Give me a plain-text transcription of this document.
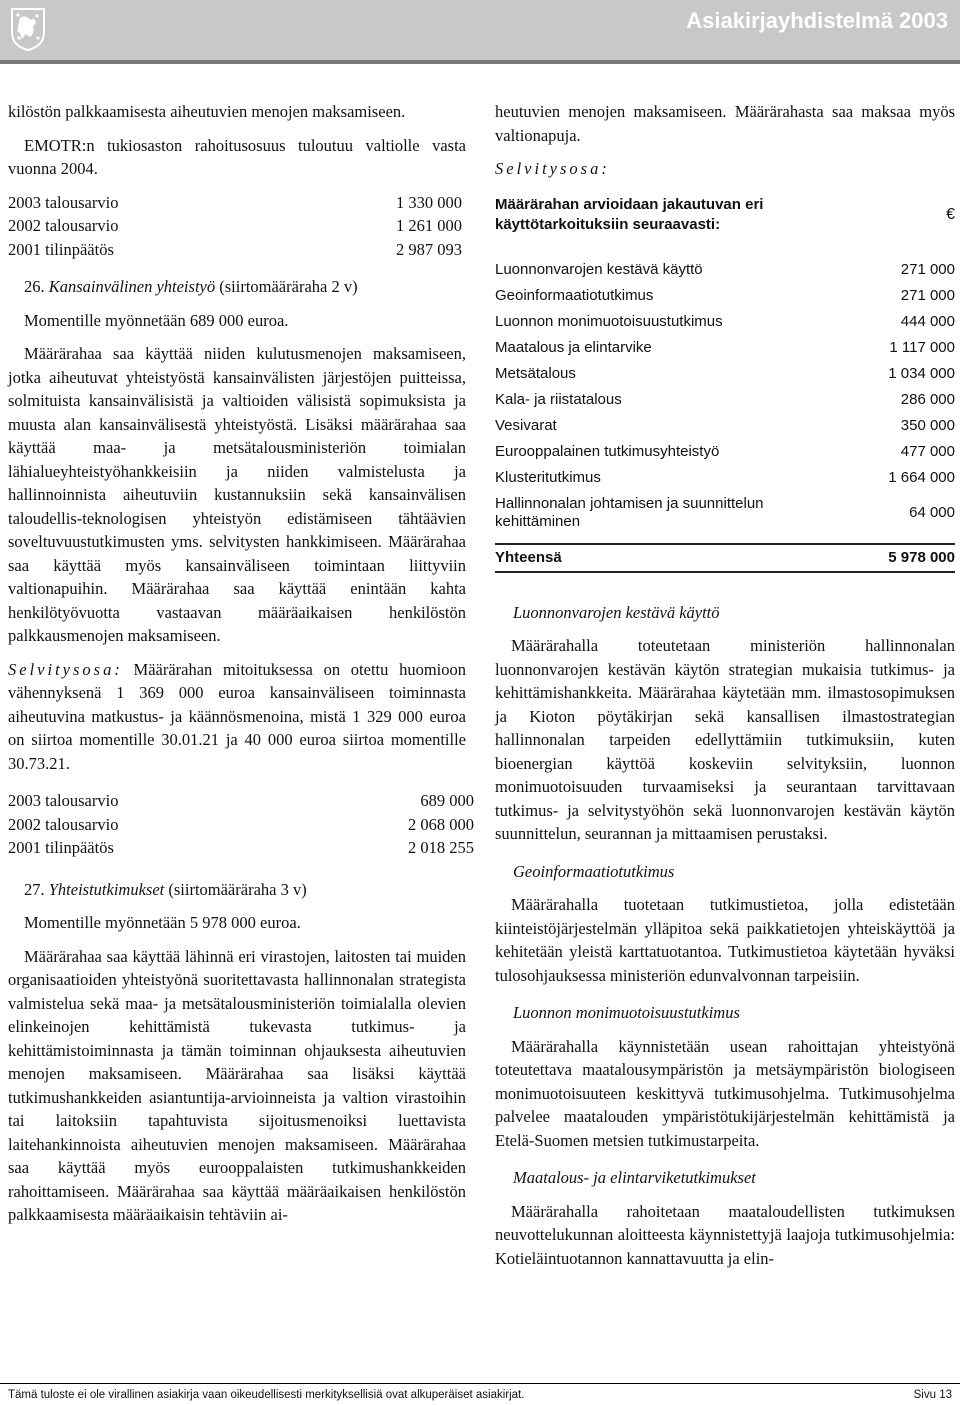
Asiakirjayhdistelmä 2003

kilöstön palkkaamisesta aiheutuvien menojen maksamiseen.

EMOTR:n tukiosaston rahoitusosuus tuloutuu valtiolle vasta vuonna 2004.

2003 talousarvio	1 330 000
2002 talousarvio	1 261 000
2001 tilinpäätös	2 987 093

26. Kansainvälinen yhteistyö (siirtomääräraha 2 v)

Momentille myönnetään 689 000 euroa.

Määrärahaa saa käyttää niiden kulutusmenojen maksamiseen, jotka aiheutuvat yhteistyöstä kansainvälisten järjestöjen puitteissa, solmituista kansainvälisistä ja valtioiden välisistä sopimuksista ja muusta alan kansainvälisestä yhteistyöstä. Lisäksi määrärahaa saa käyttää maa- ja metsätalousministeriön toimialan lähialueyhteistyöhankkeisiin ja niiden valmistelusta ja hallinnoinnista aiheutuviin kustannuksiin sekä kansainvälisen taloudellis-teknologisen yhteistyön edistämiseen tähtäävien soveltuvuustutkimusten yms. selvitysten hankkimiseen. Määrärahaa saa käyttää myös kansainväliseen toimintaan liittyviin valtionapuihin. Määrärahaa saa käyttää enintään kahta henkilötyövuotta vastaavan määräaikaisen henkilöstön palkkausmenojen maksamiseen.

Selvitysosa: Määrärahan mitoituksessa on otettu huomioon vähennyksenä 1 369 000 euroa kansainväliseen toiminnasta aiheutuvina matkustus- ja käännösmenoina, mistä 1 329 000 euroa on siirtoa momentille 30.01.21 ja 40 000 euroa siirtoa momentille 30.73.21.

2003 talousarvio	689 000
2002 talousarvio	2 068 000
2001 tilinpäätös	2 018 255

27. Yhteistutkimukset (siirtomääräraha 3 v)

Momentille myönnetään 5 978 000 euroa.

Määrärahaa saa käyttää lähinnä eri virastojen, laitosten tai muiden organisaatioiden yhteistyönä suoritettavasta hallinnonalan strategista valmistelua sekä maa- ja metsätalousministeriön toimialalla olevien elinkeinojen kehittämistä tukevasta tutkimus- ja kehittämistoiminnasta ja tämän toiminnan ohjauksesta aiheutuvien menojen maksamiseen. Määrärahaa saa lisäksi käyttää tutkimushankkeiden asiantuntija-arvioinneista ja valtion virastoihin tai laitoksiin tapahtuvista sijoitusmenoiksi luettavista laitehankinnoista aiheutuvien menojen maksamiseen. Määrärahaa saa käyttää myös eurooppalaisten tutkimushankkeiden rahoittamiseen. Määrärahaa saa käyttää määräaikaisen henkilöstön palkkaamisesta määräaikaisin tehtäviin ai-

heutuvien menojen maksamiseen. Määrärahasta saa maksaa myös valtionapuja.

Selvitysosa:

Määrärahan arvioidaan jakautuvan eri käyttötarkoituksiin seuraavasti:	€
Luonnonvarojen kestävä käyttö	271 000
Geoinformaatiotutkimus	271 000
Luonnon monimuotoisuustutkimus	444 000
Maatalous ja elintarvike	1 117 000
Metsätalous	1 034 000
Kala- ja riistatalous	286 000
Vesivarat	350 000
Eurooppalainen tutkimusyhteistyö	477 000
Klusteritutkimus	1 664 000
Hallinnonalan johtamisen ja suunnittelun kehittäminen	64 000
Yhteensä	5 978 000

Luonnonvarojen kestävä käyttö

Määrärahalla toteutetaan ministeriön hallinnonalan luonnonvarojen kestävän käytön strategian mukaisia tutkimus- ja kehittämishankkeita. Määrärahaa käytetään mm. ilmastosopimuksen ja Kioton pöytäkirjan sekä kansallisen ilmastostrategian hallinnonalan tarpeiden edellyttämiin tutkimuksiin, kuten bioenergian käyttöä koskeviin selvityksiin, luonnon monimuotoisuuden turvaamiseksi ja seurantaan tarvittavaan tutkimus- ja selvitystyöhön sekä luonnonvarojen kestävän käytön suunnittelun, seurannan ja mittaamisen perustaksi.

Geoinformaatiotutkimus

Määrärahalla tuotetaan tutkimustietoa, jolla edistetään kiinteistöjärjestelmän ylläpitoa sekä paikkatietojen yhteiskäyttöä ja kehitetään yleistä karttatuotantoa. Tutkimustietoa käytetään hyväksi tulosohjauksessa ministeriön edunvalvonnan tarpeisiin.

Luonnon monimuotoisuustutkimus

Määrärahalla käynnistetään usean rahoittajan yhteistyönä toteutettava maatalousympäristön ja metsäympäristön biologiseen monimuotoisuuteen keskittyvä tutkimusohjelma. Tutkimusohjelma palvelee maatalouden ympäristötukijärjestelmän kehittämistä ja Etelä-Suomen metsien tutkimustarpeita.

Maatalous- ja elintarviketutkimukset

Määrärahalla rahoitetaan maataloudellisten tutkimuksen neuvottelukunnan aloitteesta käynnistettyjä laajoja tutkimusohjelmia: Kotieläintuotannon kannattavuutta ja elin-

Tämä tuloste ei ole virallinen asiakirja vaan oikeudellisesti merkityksellisiä ovat alkuperäiset asiakirjat.	Sivu 13
